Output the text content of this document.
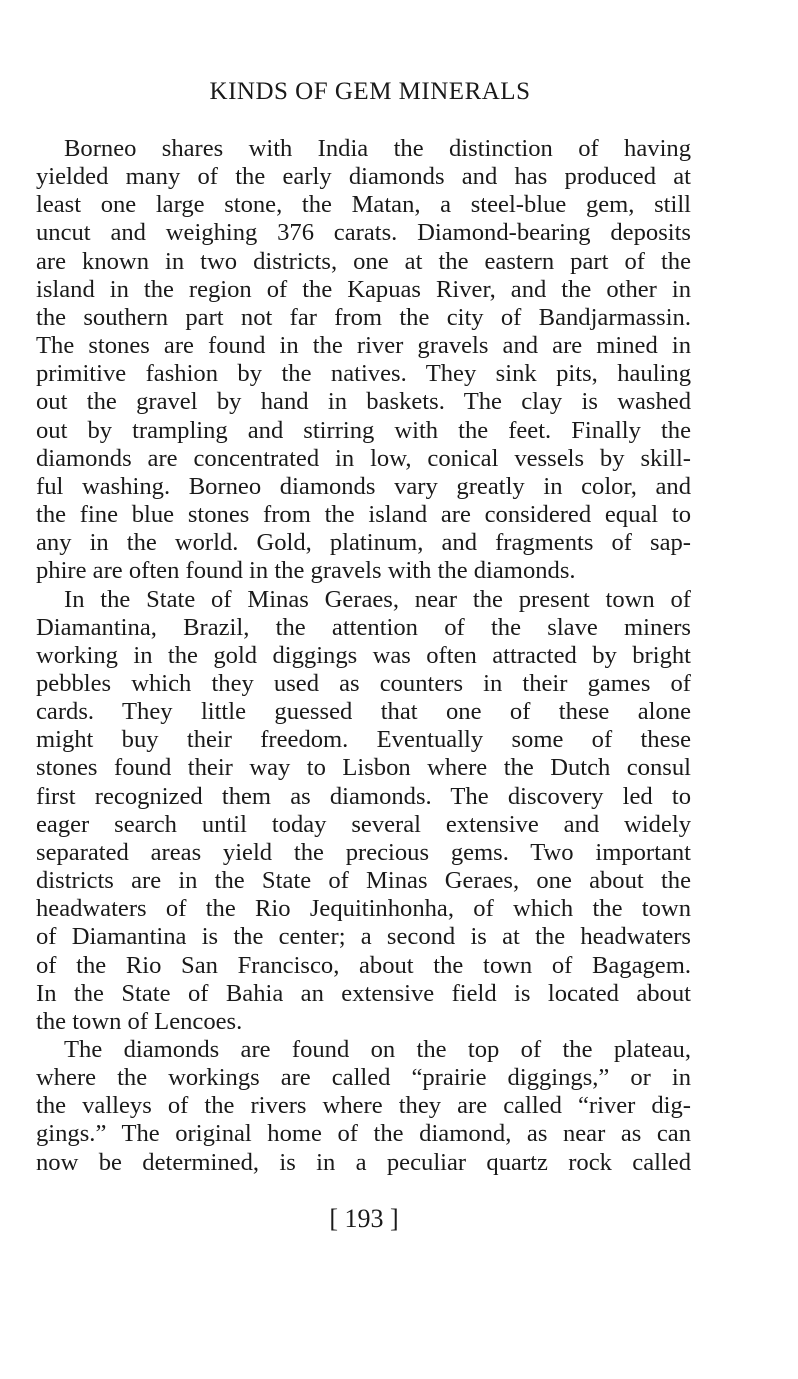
KINDS OF GEM MINERALS
Borneo shares with India the distinction of having
yielded many of the early diamonds and has produced at
least one large stone, the Matan, a steel-blue gem, still
uncut and weighing 376 carats. Diamond-bearing deposits
are known in two districts, one at the eastern part of the
island in the region of the Kapuas River, and the other in
the southern part not far from the city of Bandjarmassin.
The stones are found in the river gravels and are mined in
primitive fashion by the natives. They sink pits, hauling
out the gravel by hand in baskets. The clay is washed
out by trampling and stirring with the feet. Finally the
diamonds are concentrated in low, conical vessels by skill-
ful washing. Borneo diamonds vary greatly in color, and
the fine blue stones from the island are considered equal to
any in the world. Gold, platinum, and fragments of sap-
phire are often found in the gravels with the diamonds.
In the State of Minas Geraes, near the present town of
Diamantina, Brazil, the attention of the slave miners
working in the gold diggings was often attracted by bright
pebbles which they used as counters in their games of
cards. They little guessed that one of these alone
might buy their freedom. Eventually some of these
stones found their way to Lisbon where the Dutch consul
first recognized them as diamonds. The discovery led to
eager search until today several extensive and widely
separated areas yield the precious gems. Two important
districts are in the State of Minas Geraes, one about the
headwaters of the Rio Jequitinhonha, of which the town
of Diamantina is the center; a second is at the headwaters
of the Rio San Francisco, about the town of Bagagem.
In the State of Bahia an extensive field is located about
the town of Lencoes.
The diamonds are found on the top of the plateau,
where the workings are called “prairie diggings,” or in
the valleys of the rivers where they are called “river dig-
gings.” The original home of the diamond, as near as can
now be determined, is in a peculiar quartz rock called
[ 193 ]
